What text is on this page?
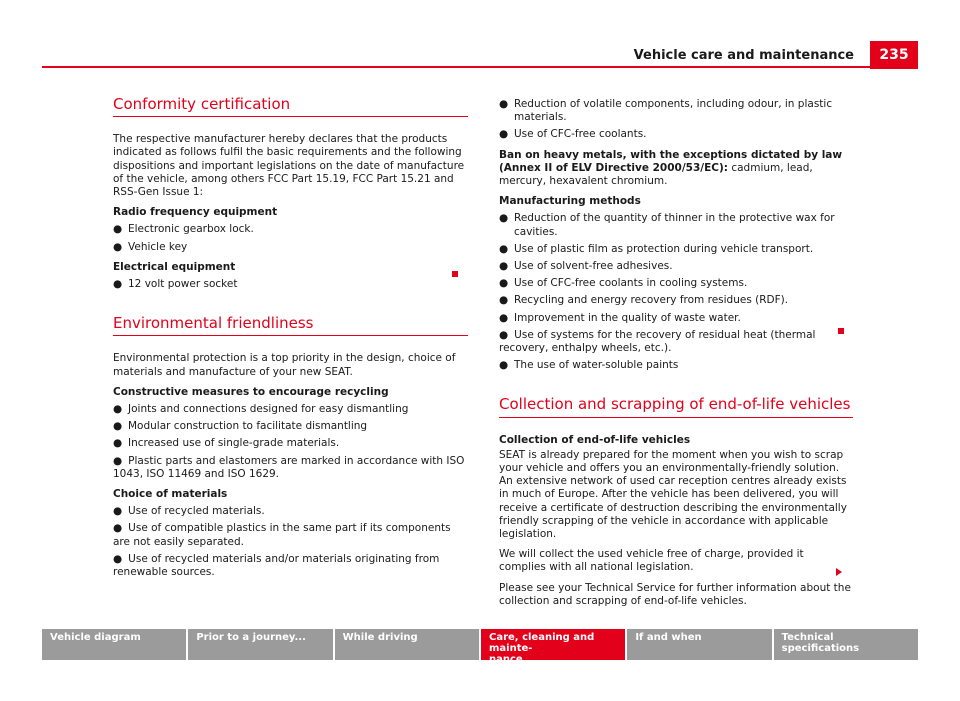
Vehicle care and maintenance	235
Conformity certification

The respective manufacturer hereby declares that the products indicated as follows fulfil the basic requirements and the following dispositions and important legislations on the date of manufacture of the vehicle, among others FCC Part 15.19, FCC Part 15.21 and RSS-Gen Issue 1:

Radio frequency equipment

● Electronic gearbox lock.

● Vehicle key

Electrical equipment

● 12 volt power socket

Environmental friendliness

Environmental protection is a top priority in the design, choice of materials and manufacture of your new SEAT.

Constructive measures to encourage recycling

● Joints and connections designed for easy dismantling

● Modular construction to facilitate dismantling

● Increased use of single-grade materials.

● Plastic parts and elastomers are marked in accordance with ISO 1043, ISO 11469 and ISO 1629.

Choice of materials

● Use of recycled materials.

● Use of compatible plastics in the same part if its components are not easily separated.

● Use of recycled materials and/or materials originating from renewable sources.

● Reduction of volatile components, including odour, in plastic materials.

● Use of CFC-free coolants.

Ban on heavy metals, with the exceptions dictated by law (Annex II of ELV Directive 2000/53/EC): cadmium, lead, mercury, hexavalent chromium.

Manufacturing methods

● Reduction of the quantity of thinner in the protective wax for cavities.

● Use of plastic film as protection during vehicle transport.

● Use of solvent-free adhesives.

● Use of CFC-free coolants in cooling systems.

● Recycling and energy recovery from residues (RDF).

● Improvement in the quality of waste water.

● Use of systems for the recovery of residual heat (thermal recovery, enthalpy wheels, etc.).

● The use of water-soluble paints

Collection and scrapping of end-of-life vehicles

Collection of end-of-life vehicles

SEAT is already prepared for the moment when you wish to scrap your vehicle and offers you an environmentally-friendly solution. An extensive network of used car reception centres already exists in much of Europe. After the vehicle has been delivered, you will receive a certificate of destruction describing the environmentally friendly scrapping of the vehicle in accordance with applicable legislation.

We will collect the used vehicle free of charge, provided it complies with all national legislation.

Please see your Technical Service for further information about the collection and scrapping of end-of-life vehicles.

Vehicle diagram	Prior to a journey...	While driving	Care, cleaning and mainte-
nance
If and when	Technical specifications
